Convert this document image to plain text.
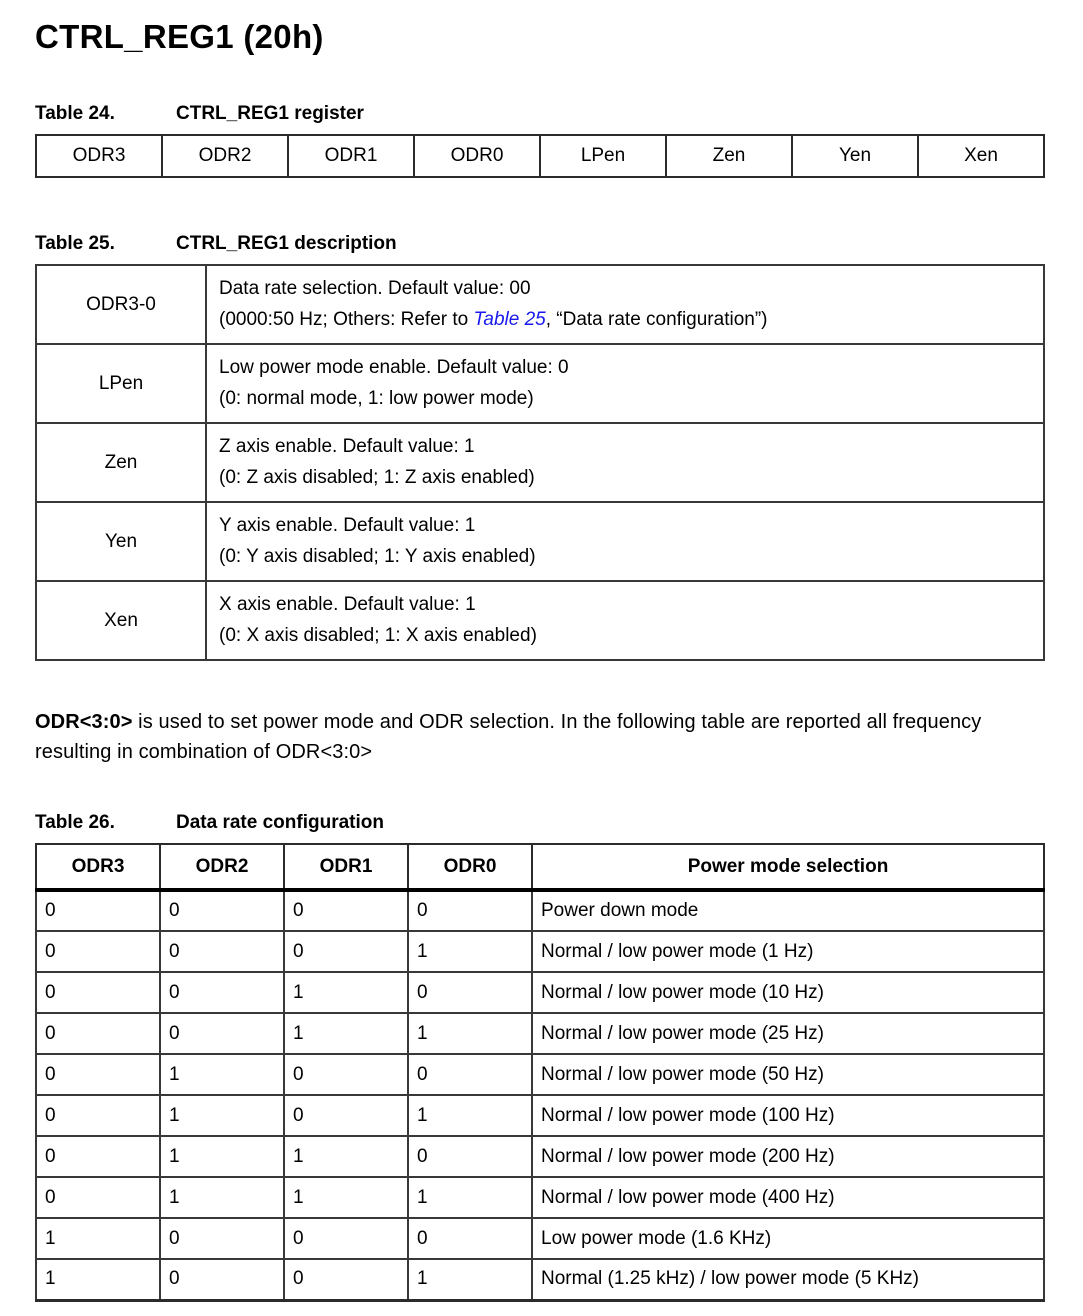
CTRL_REG1 (20h)
Table 24.	CTRL_REG1 register
ODR3	ODR2	ODR1	ODR0	LPen	Zen	Yen	Xen
Table 25.	CTRL_REG1 description
ODR3-0	Data rate selection. Default value: 00
(0000:50 Hz; Others: Refer to Table 25, “Data rate configuration”)

LPen	Low power mode enable. Default value: 0
(0: normal mode, 1: low power mode)

Zen	Z axis enable. Default value: 1
(0: Z axis disabled; 1: Z axis enabled)

Yen	Y axis enable. Default value: 1
(0: Y axis disabled; 1: Y axis enabled)

Xen	X axis enable. Default value: 1
(0: X axis disabled; 1: X axis enabled)

ODR<3:0> is used to set power mode and ODR selection. In the following table are reported all frequency resulting in combination of ODR<3:0>

Table 26.	Data rate configuration
ODR3	ODR2	ODR1	ODR0	Power mode selection
0	0	0	0	Power down mode
0	0	0	1	Normal / low power mode (1 Hz)
0	0	1	0	Normal / low power mode (10 Hz)
0	0	1	1	Normal / low power mode (25 Hz)
0	1	0	0	Normal / low power mode (50 Hz)
0	1	0	1	Normal / low power mode (100 Hz)
0	1	1	0	Normal / low power mode (200 Hz)
0	1	1	1	Normal / low power mode (400 Hz)
1	0	0	0	Low power mode (1.6 KHz)
1	0	0	1	Normal (1.25 kHz) / low power mode (5 KHz)
